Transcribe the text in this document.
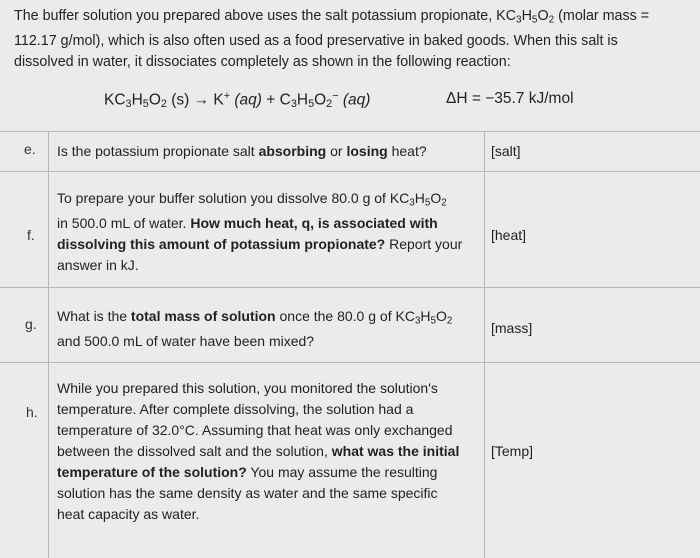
The buffer solution you prepared above uses the salt potassium propionate, $KC_3H_5O_2$ (molar mass =
112.17 g/mol), which is also often used as a food preservative in baked goods. When this salt is
dissolved in water, it dissociates completely as shown in the following reaction:
$KC_3H_5O_2$ (s) → K+ $(aq) + C_3H_5O_2^-$ (aq)	ΔH = −35.7 kJ/mol
e. Is the potassium propionate salt absorbing or losing heat?	[salt]
f.
To prepare your buffer solution you dissolve 80.0 g of $KC_3H_5O_2$
in 500.0 mL of water. How much heat, q, is associated with
dissolving this amount of potassium propionate? Report your
answer in kJ.
[heat]
g. What is the total mass of solution once the 80.0 g of $KC_3H_5O_2$
and 500.0 mL of water have been mixed?
[mass]
h.
While you prepared this solution, you monitored the solution's
temperature. After complete dissolving, the solution had a
temperature of 32.0°C. Assuming that heat was only exchanged
between the dissolved salt and the solution, what was the initial
temperature of the solution? You may assume the resulting
solution has the same density as water and the same specific
heat capacity as water.
[Temp]
